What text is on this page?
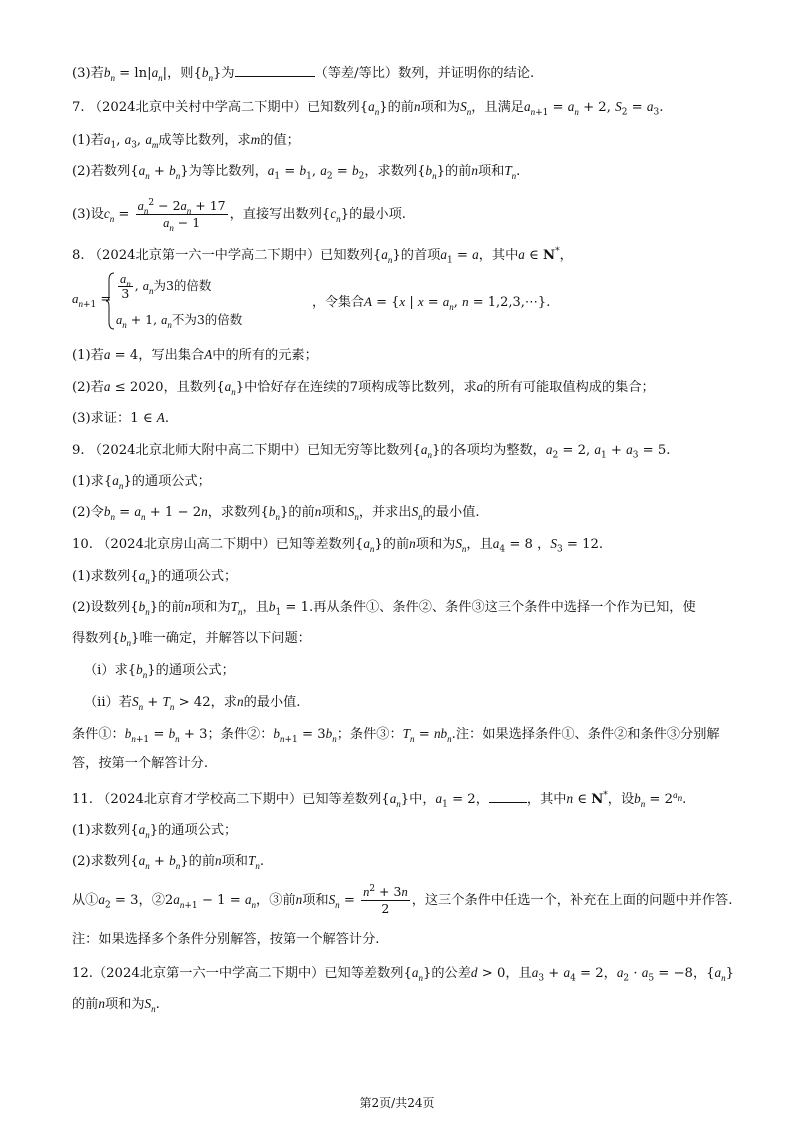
(3)若$b_n = \ln|a_n|$，则$\{b_n\}$为	（等差/等比）数列，并证明你的结论.
7. （2024北京中关村中学高二下期中）已知数列$\{a_n\}$的前n项和为$S_n$，且满足$a_{n+1} = a_n + 2$, $S_2 = a_3$.
(1)若$a_1$, $a_3$, $a_m$成等比数列，求m的值；
(2)若数列$\{a_n + b_n\}$为等比数列，$a_1 = b_1$, $a_2 = b_2$，求数列$\{b_n\}$的前n项和$T_n$.
(3)设$c_n = \frac{a_n^2 - 2a_n + 17}{a_n - 1}$ ，直接写出数列$\{c_n\}$的最小项.
8. （2024北京第一六一中学高二下期中）已知数列$\{a_n\}$的首项$a_1 = a$，其中a ∈ N*，
$a_{n+1} = \frac{a_n}{3}$ , $a_n$为3的倍数
$a_n + 1$, $a_n$不为3的倍数
，令集合A = {x | $x = a_n$, n = 1,2,3,⋯}.
(1)若a = 4，写出集合A中的所有的元素；
(2)若a ≤ 2020，且数列$\{a_n\}$中恰好存在连续的7项构成等比数列，求a的所有可能取值构成的集合；
(3)求证：1 ∈ A.
9. （2024北京北师大附中高二下期中）已知无穷等比数列$\{a_n\}$的各项均为整数，$a_2 = 2$, $a_1 + a_3 = 5$.
(1)求$\{a_n\}$的通项公式；
(2)令$b_n = a_n + 1 - 2n$，求数列$\{b_n\}$的前n项和$S_n$，并求出$S_n$的最小值.
10. （2024北京房山高二下期中）已知等差数列$\{a_n\}$的前n项和为$S_n$，且$a_4 = 8$ ，$S_3 = 12$.
(1)求数列$\{a_n\}$的通项公式；
(2)设数列$\{b_n\}$的前n项和为$T_n$，且$b_1 = 1$.再从条件①、条件②、条件③这三个条件中选择一个作为已知，使
得数列$\{b_n\}$唯一确定，并解答以下问题：
（i）求$\{b_n\}$的通项公式；
（ii）若$S_n + T_n > 42$，求n的最小值.
条件①：$b_{n+1} = b_n + 3$；条件②：$b_{n+1} = 3b_n$；条件③：$T_n = nb_n$.注：如果选择条件①、条件②和条件③分别解
答，按第一个解答计分.
11. （2024北京育才学校高二下期中）已知等差数列$\{a_n\}$中，$a_1 = 2$，	，其中n ∈ N*，设$b_n = 2^{a_n}$.
(1)求数列$\{a_n\}$的通项公式；
(2)求数列$\{a_n + b_n\}$的前n项和$T_n$.
从$①a_2 = 3$，$②2a_{n+1} - 1 = a_n$，③前n项和$S_n = \frac{n^2 + 3n}{2}$ ，这三个条件中任选一个，补充在上面的问题中并作答.
注：如果选择多个条件分别解答，按第一个解答计分.
12.（2024北京第一六一中学高二下期中）已知等差数列$\{a_n\}$的公差d > 0，且$a_3 + a_4 = 2$，$a_2 \cdot a_5 = -8$，$\{a_n\}$
的前n项和为$S_n$.
第2页/共24页
